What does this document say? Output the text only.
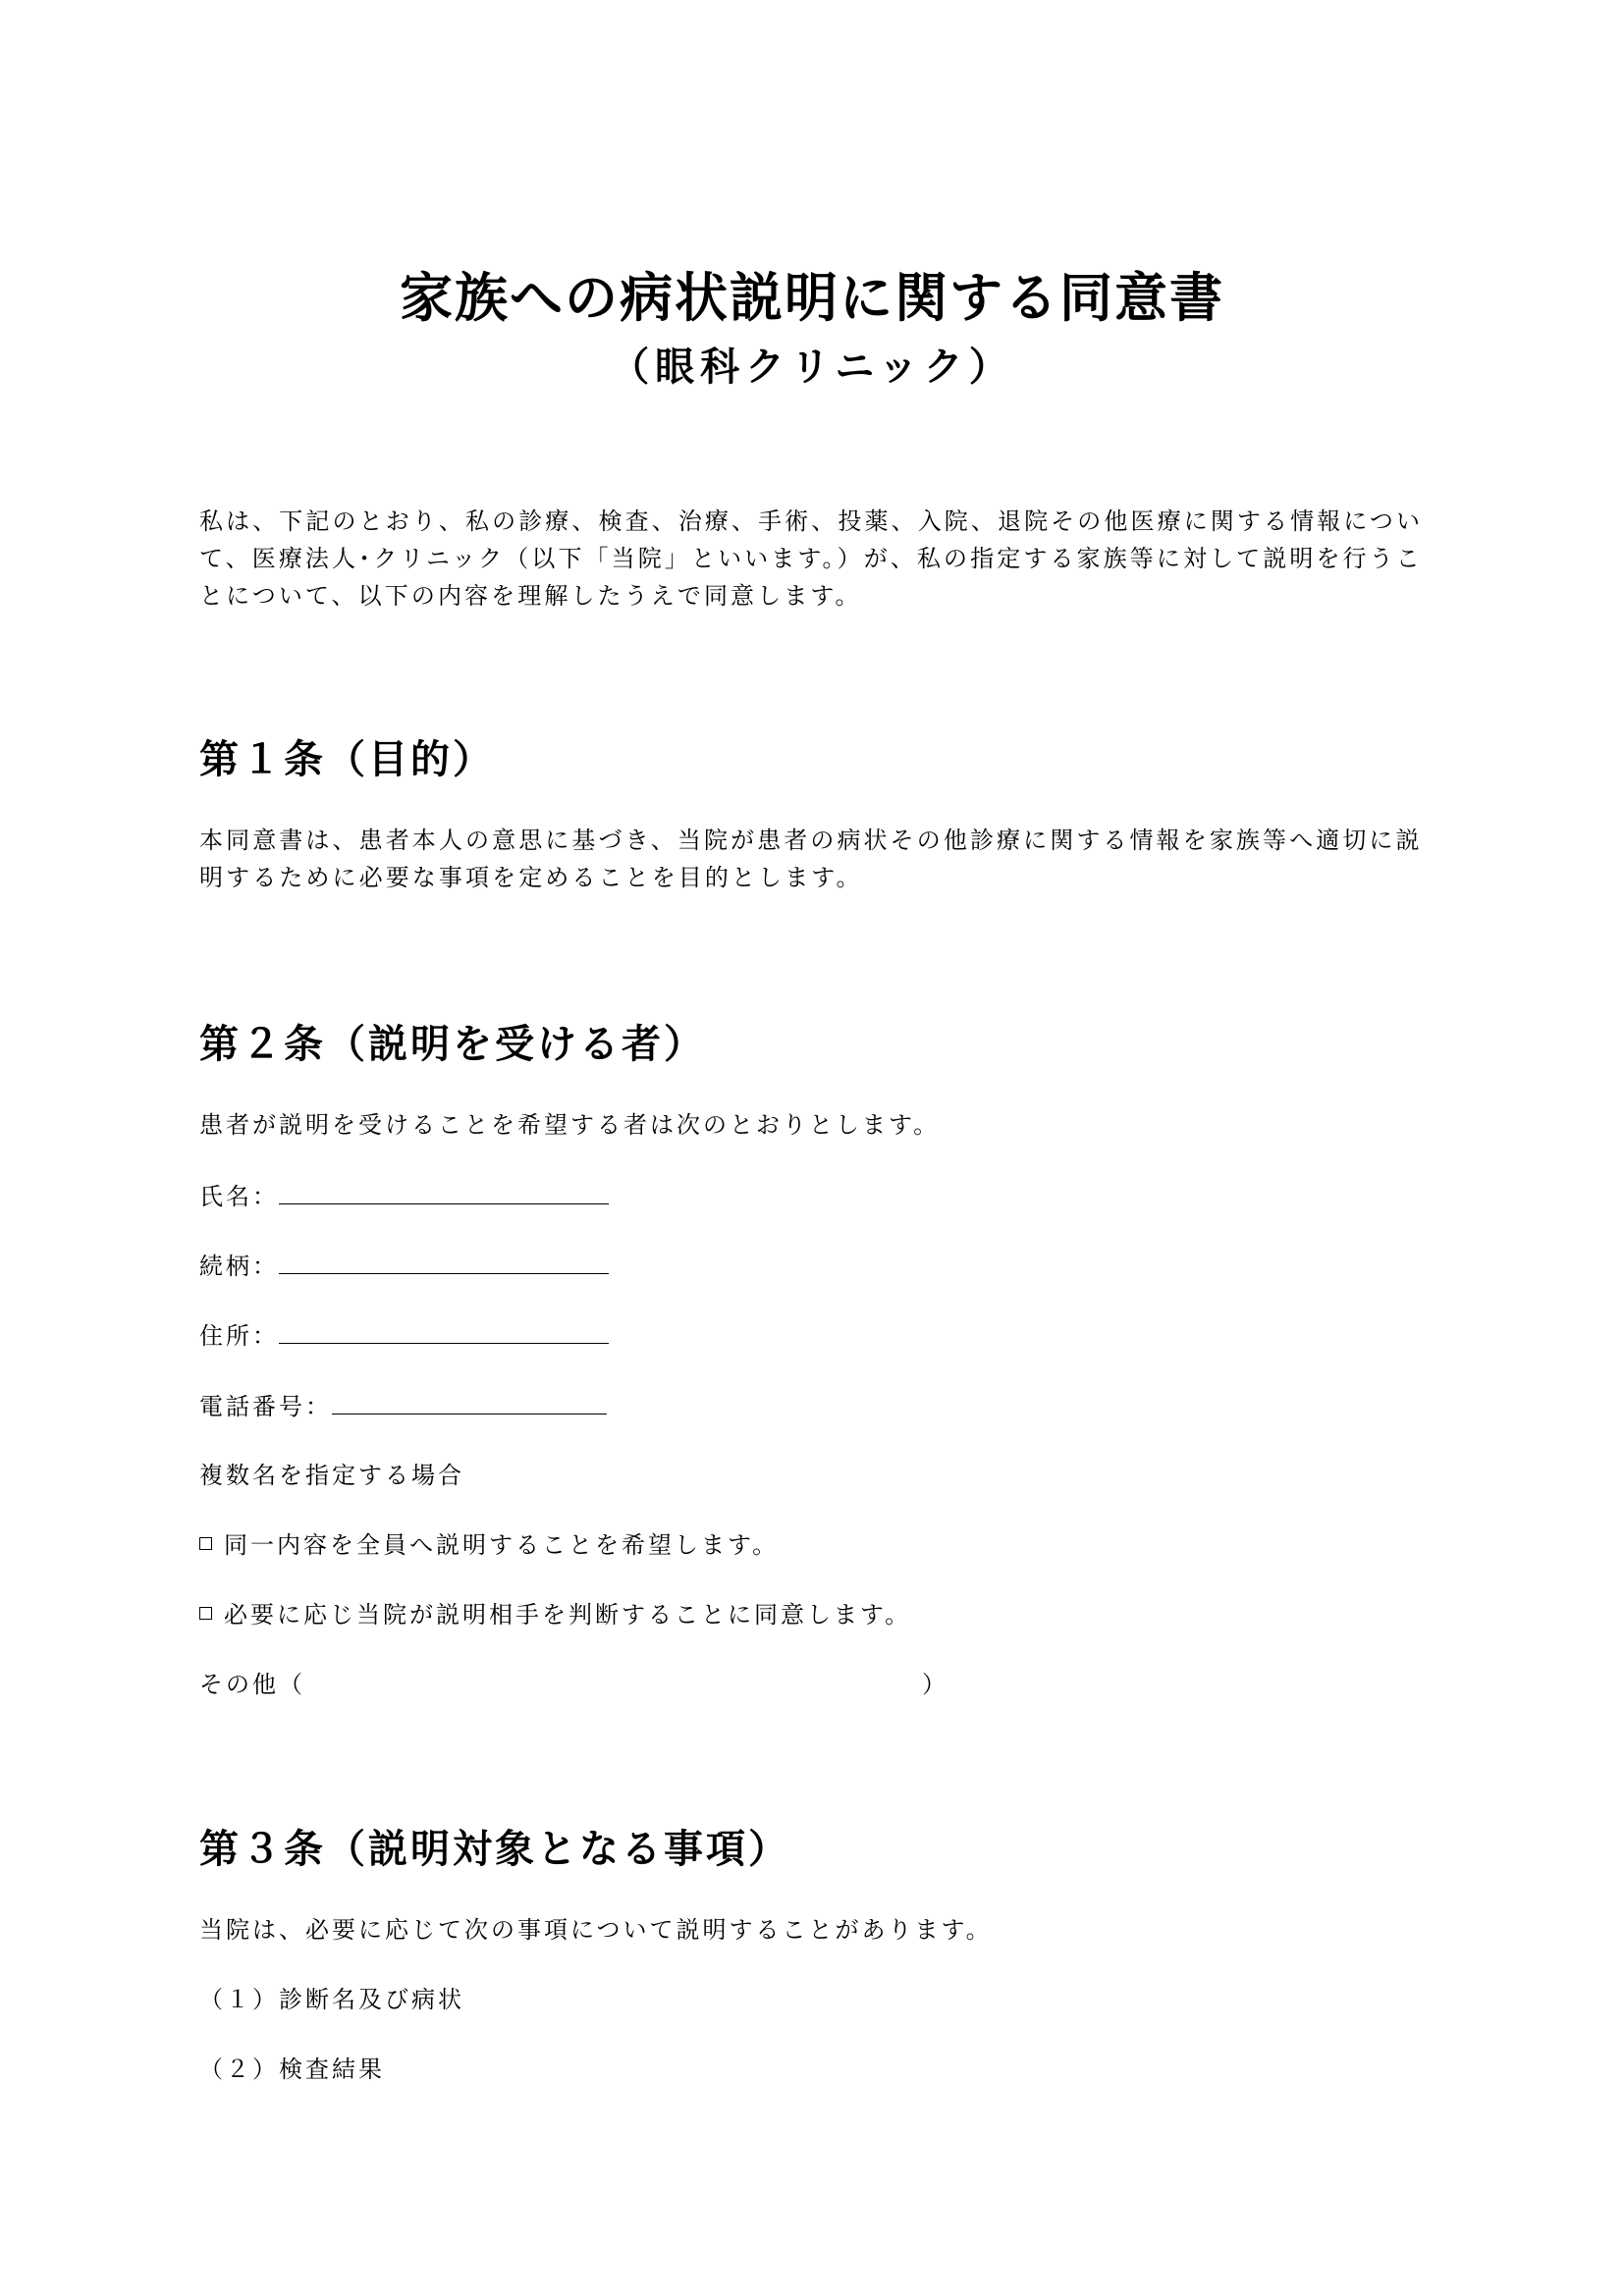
家族への病状説明に関する同意書
（眼科クリニック）

私は、下記のとおり、私の診療、検査、治療、手術、投薬、入院、退院その他医療に関する情報について、医療法人･クリニック（以下「当院」といいます。）が、私の指定する家族等に対して説明を行うことについて、以下の内容を理解したうえで同意します。

第１条（目的）

本同意書は、患者本人の意思に基づき、当院が患者の病状その他診療に関する情報を家族等へ適切に説明するために必要な事項を定めることを目的とします。

第２条（説明を受ける者）
患者が説明を受けることを希望する者は次のとおりとします。
氏名：
続柄：
住所：
電話番号：
複数名を指定する場合
同一内容を全員へ説明することを希望します。
必要に応じ当院が説明相手を判断することに同意します。
その他（	）
第３条（説明対象となる事項）
当院は、必要に応じて次の事項について説明することがあります。
（１）診断名及び病状
（２）検査結果
